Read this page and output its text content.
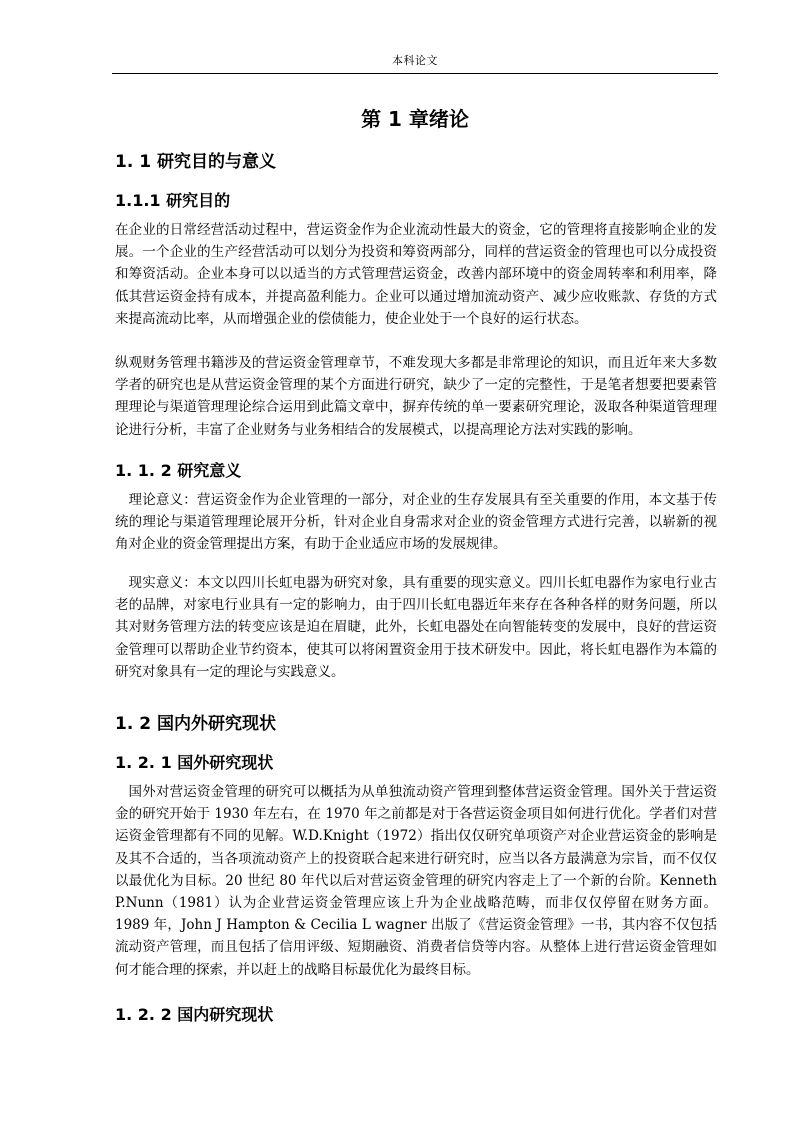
本科论文
第 1 章绪论
1. 1 研究目的与意义
1.1.1 研究目的

在企业的日常经营活动过程中，营运资金作为企业流动性最大的资金，它的管理将直接影响企业的发展。一个企业的生产经营活动可以划分为投资和筹资两部分，同样的营运资金的管理也可以分成投资和筹资活动。企业本身可以以适当的方式管理营运资金，改善内部环境中的资金周转率和利用率，降低其营运资金持有成本，并提高盈利能力。企业可以通过增加流动资产、减少应收账款、存货的方式来提高流动比率，从而增强企业的偿债能力，使企业处于一个良好的运行状态。

纵观财务管理书籍涉及的营运资金管理章节，不难发现大多都是非常理论的知识，而且近年来大多数学者的研究也是从营运资金管理的某个方面进行研究，缺少了一定的完整性，于是笔者想要把要素管理理论与渠道管理理论综合运用到此篇文章中，摒弃传统的单一要素研究理论，汲取各种渠道管理理论进行分析，丰富了企业财务与业务相结合的发展模式，以提高理论方法对实践的影响。

1. 1. 2 研究意义

理论意义：营运资金作为企业管理的一部分，对企业的生存发展具有至关重要的作用，本文基于传统的理论与渠道管理理论展开分析，针对企业自身需求对企业的资金管理方式进行完善，以崭新的视角对企业的资金管理提出方案，有助于企业适应市场的发展规律。

现实意义：本文以四川长虹电器为研究对象，具有重要的现实意义。四川长虹电器作为家电行业古老的品牌，对家电行业具有一定的影响力，由于四川长虹电器近年来存在各种各样的财务问题，所以其对财务管理方法的转变应该是迫在眉睫，此外，长虹电器处在向智能转变的发展中，良好的营运资金管理可以帮助企业节约资本，使其可以将闲置资金用于技术研发中。因此，将长虹电器作为本篇的研究对象具有一定的理论与实践意义。

1. 2 国内外研究现状
1. 2. 1 国外研究现状

国外对营运资金管理的研究可以概括为从单独流动资产管理到整体营运资金管理。国外关于营运资金的研究开始于 1930 年左右，在 1970 年之前都是对于各营运资金项目如何进行优化。学者们对营运资金管理都有不同的见解。W.D.Knight（1972）指出仅仅研究单项资产对企业营运资金的影响是及其不合适的，当各项流动资产上的投资联合起来进行研究时，应当以各方最满意为宗旨，而不仅仅以最优化为目标。20 世纪 80 年代以后对营运资金管理的研究内容走上了一个新的台阶。Kenneth P.Nunn（1981）认为企业营运资金管理应该上升为企业战略范畴，而非仅仅停留在财务方面。1989 年，John J Hampton & Cecilia L wagner 出版了《营运资金管理》一书，其内容不仅包括流动资产管理，而且包括了信用评级、短期融资、消费者信贷等内容。从整体上进行营运资金管理如何才能合理的探索，并以赶上的战略目标最优化为最终目标。

1. 2. 2 国内研究现状
